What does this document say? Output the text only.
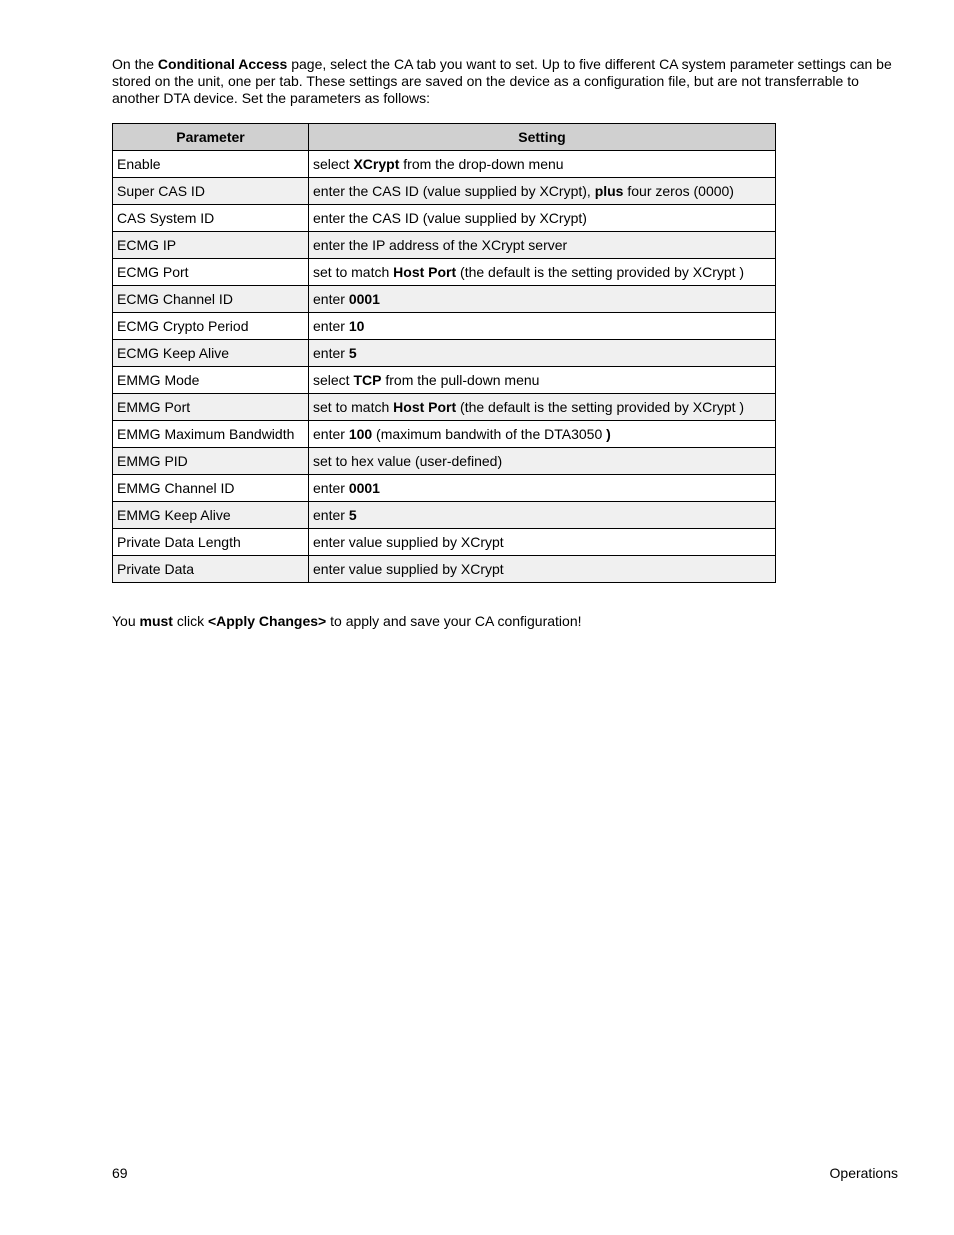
On the Conditional Access page, select the CA tab you want to set. Up to five different CA system parameter settings can be stored on the unit, one per tab. These settings are saved on the device as a configuration file, but are not transferrable to another DTA device. Set the parameters as follows:

Parameter	Setting
Enable	select XCrypt from the drop-down menu
Super CAS ID	enter the CAS ID (value supplied by XCrypt), plus four zeros (0000)
CAS System ID	enter the CAS ID (value supplied by XCrypt)
ECMG IP	enter the IP address of the XCrypt server
ECMG Port	set to match Host Port (the default is the setting provided by XCrypt )
ECMG Channel ID	enter 0001
ECMG Crypto Period	enter 10
ECMG Keep Alive	enter 5
EMMG Mode	select TCP from the pull-down menu
EMMG Port	set to match Host Port (the default is the setting provided by XCrypt )
EMMG Maximum Bandwidth	enter 100 (maximum bandwith of the DTA3050 )
EMMG PID	set to hex value (user-defined)
EMMG Channel ID	enter 0001
EMMG Keep Alive	enter 5
Private Data Length	enter value supplied by XCrypt
Private Data	enter value supplied by XCrypt

You must click <Apply Changes> to apply and save your CA configuration!

69	Operations
